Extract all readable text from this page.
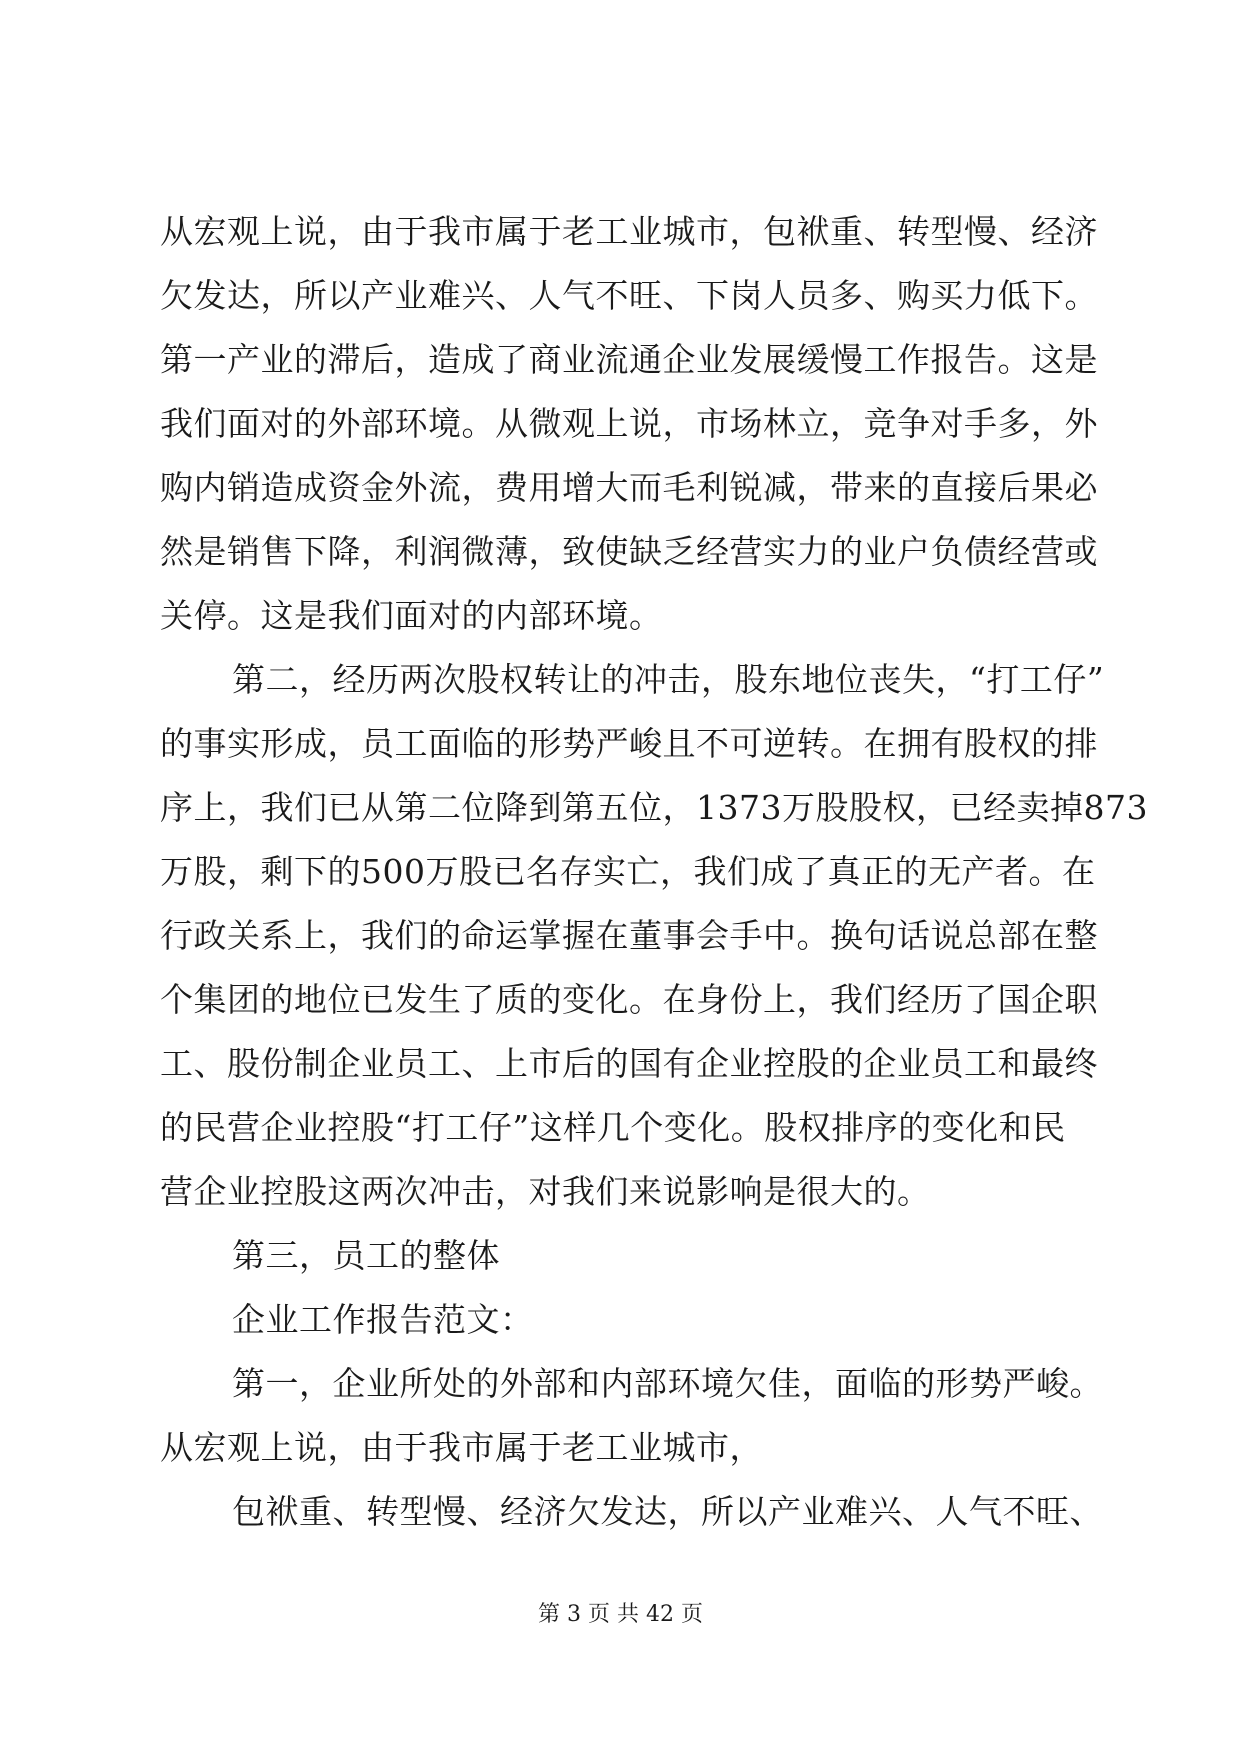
从宏观上说，由于我市属于老工业城市，包袱重、转型慢、经济
欠发达，所以产业难兴、人气不旺、下岗人员多、购买力低下。
第一产业的滞后，造成了商业流通企业发展缓慢工作报告。这是
我们面对的外部环境。从微观上说，市场林立，竞争对手多，外
购内销造成资金外流，费用增大而毛利锐减，带来的直接后果必
然是销售下降，利润微薄，致使缺乏经营实力的业户负债经营或
关停。这是我们面对的内部环境。
第二，经历两次股权转让的冲击，股东地位丧失，“打工仔”
的事实形成，员工面临的形势严峻且不可逆转。在拥有股权的排
序上，我们已从第二位降到第五位，1373万股股权，已经卖掉873
万股，剩下的500万股已名存实亡，我们成了真正的无产者。在
行政关系上，我们的命运掌握在董事会手中。换句话说总部在整
个集团的地位已发生了质的变化。在身份上，我们经历了国企职
工、股份制企业员工、上市后的国有企业控股的企业员工和最终
的民营企业控股“打工仔”这样几个变化。股权排序的变化和民
营企业控股这两次冲击，对我们来说影响是很大的。
第三，员工的整体
企业工作报告范文：
第一，企业所处的外部和内部环境欠佳，面临的形势严峻。
从宏观上说，由于我市属于老工业城市，
包袱重、转型慢、经济欠发达，所以产业难兴、人气不旺、
第 3 页 共 42 页
